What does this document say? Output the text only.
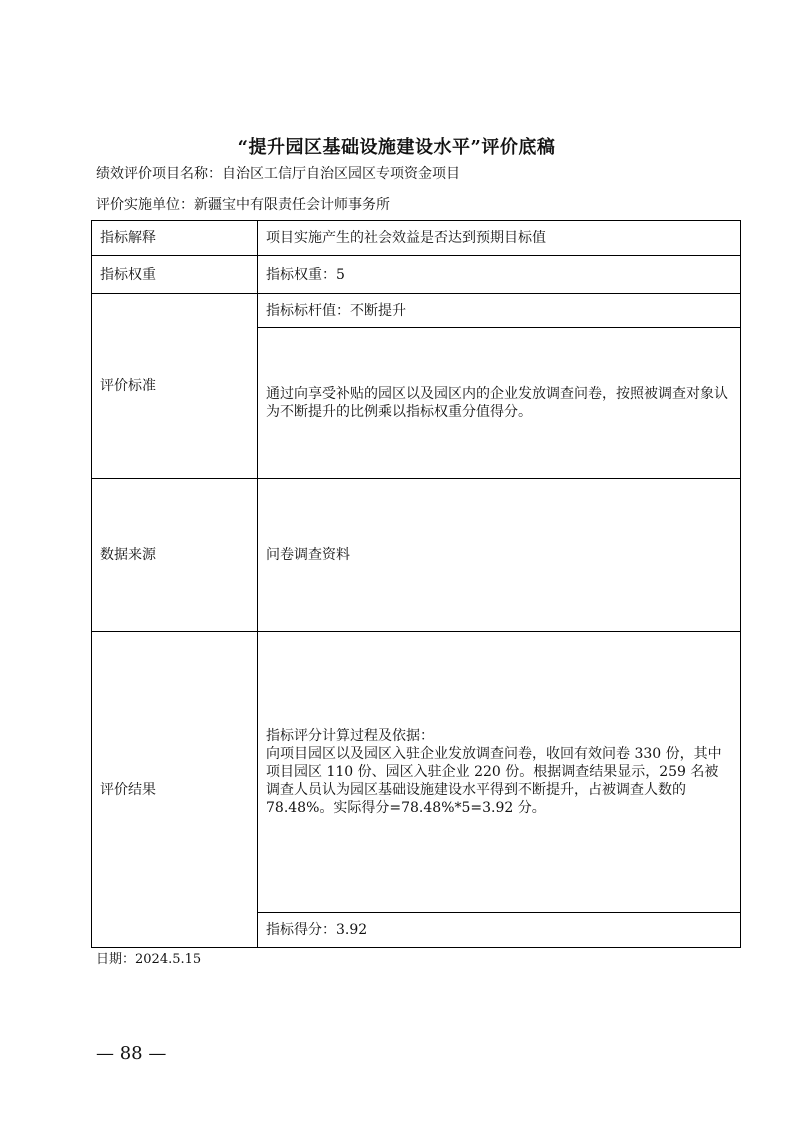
“提升园区基础设施建设水平”评价底稿
绩效评价项目名称：自治区工信厅自治区园区专项资金项目
评价实施单位：新疆宝中有限责任会计师事务所
指标解释	项目实施产生的社会效益是否达到预期目标值
指标权重	指标权重：5
评价标准	指标标杆值：不断提升
	通过向享受补贴的园区以及园区内的企业发放调查问卷，按照被调查对象认为不断提升的比例乘以指标权重分值得分。
数据来源	问卷调查资料
评价结果	指标评分计算过程及依据：
向项目园区以及园区入驻企业发放调查问卷，收回有效问卷 330 份，其中项目园区 110 份、园区入驻企业 220 份。根据调查结果显示，259 名被调查人员认为园区基础设施建设水平得到不断提升，占被调查人数的 78.48%。实际得分=78.48%*5=3.92 分。

	指标得分：3.92
日期：2024.5.15
— 88 —
